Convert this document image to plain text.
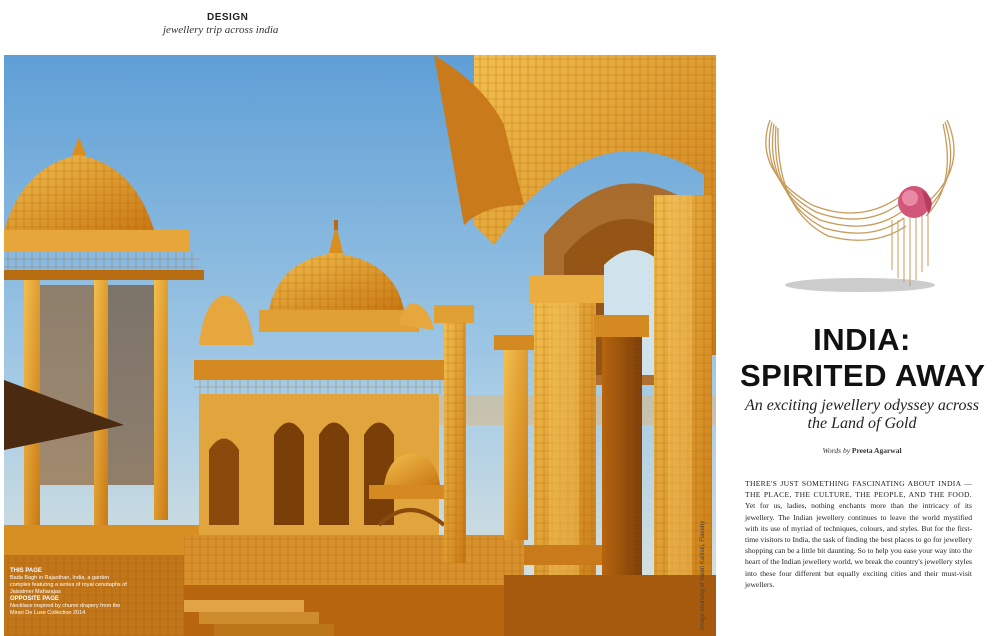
DESIGN
jewellery trip across india
THIS PAGE
Bada Bagh in Rajasthan, India, a garden complex featuring a series of royal cenotaphs of Jaisalmer Maharajas
OPPOSITE PAGE
Necklace inspired by chunni drapery from the Mirari De Luxe Collection 2014	Image courtesy of Valeri Kalitski, Flaveby
INDIA:
SPIRITED AWAY
An exciting jewellery odyssey across the Land of Gold
Words by Preeta Agarwal
THERE'S JUST SOMETHING FASCINATING ABOUT INDIA — THE PLACE, THE CULTURE, THE PEOPLE, AND THE FOOD. Yet for us, ladies, nothing enchants more than the intricacy of its jewellery. The Indian jewellery continues to leave the world mystified with its use of myriad of techniques, colours, and styles. But for the first-time visitors to India, the task of finding the best places to go for jewellery shopping can be a little bit daunting. So to help you ease your way into the heart of the Indian jewellery world, we break the country's jewellery styles into these four different but equally exciting cities and their must-visit jewellers.
